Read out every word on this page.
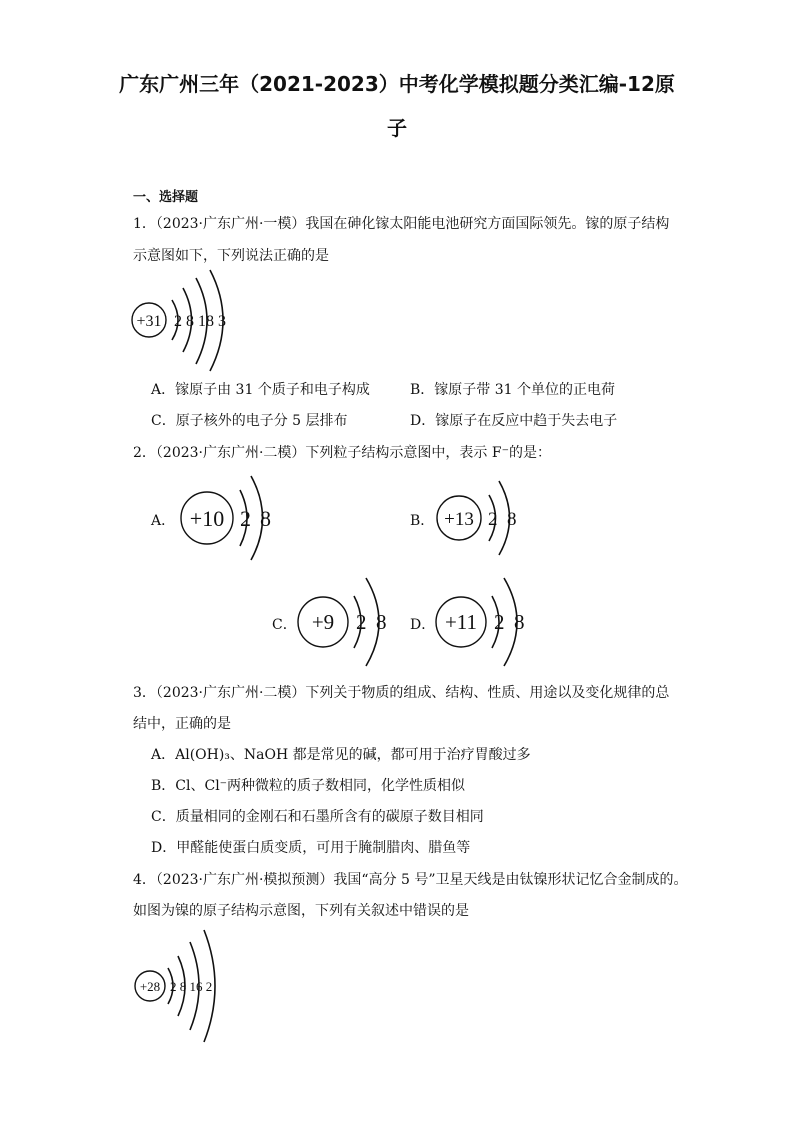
广东广州三年（2021-2023）中考化学模拟题分类汇编-12原
子
一、选择题
1．（2023·广东广州·一模）我国在砷化镓太阳能电池研究方面国际领先。镓的原子结构
示意图如下，下列说法正确的是
+31 2 8 18 3
A．镓原子由 31 个质子和电子构成	B．镓原子带 31 个单位的正电荷
C．原子核外的电子分 5 层排布	D．镓原子在反应中趋于失去电子
2．（2023·广东广州·二模）下列粒子结构示意图中，表示 F⁻的是：
A． +10 2 8	B． +13 2 8
C． +9 2 8 D． +11 2 8
3．（2023·广东广州·二模）下列关于物质的组成、结构、性质、用途以及变化规律的总
结中，正确的是
A．Al(OH)₃、NaOH 都是常见的碱，都可用于治疗胃酸过多
B．Cl、Cl⁻两种微粒的质子数相同，化学性质相似
C．质量相同的金刚石和石墨所含有的碳原子数目相同
D．甲醛能使蛋白质变质，可用于腌制腊肉、腊鱼等
4．（2023·广东广州·模拟预测）我国“高分 5 号”卫星天线是由钛镍形状记忆合金制成的。
如图为镍的原子结构示意图，下列有关叙述中错误的是
+28 2 8 16 2
